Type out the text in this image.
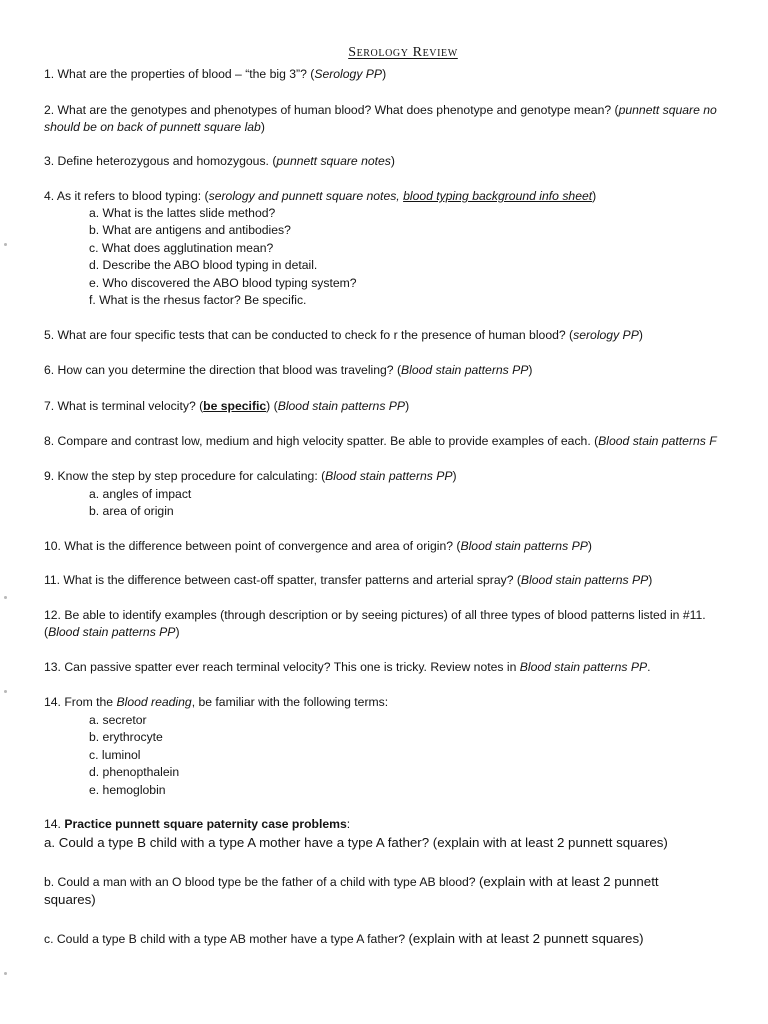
Serology Review
1. What are the properties of blood – “the big 3”? (Serology PP)
2. What are the genotypes and phenotypes of human blood? What does phenotype and genotype mean? (punnett square no
should be on back of punnett square lab)
3. Define heterozygous and homozygous. (punnett square notes)
4. As it refers to blood typing: (serology and punnett square notes, blood typing background info sheet)
a. What is the lattes slide method?
b. What are antigens and antibodies?
c. What does agglutination mean?
d. Describe the ABO blood typing in detail.
e. Who discovered the ABO blood typing system?
f. What is the rhesus factor? Be specific.
5. What are four specific tests that can be conducted to check fo r the presence of human blood? (serology PP)
6. How can you determine the direction that blood was traveling? (Blood stain patterns PP)
7. What is terminal velocity? (be specific) (Blood stain patterns PP)
8. Compare and contrast low, medium and high velocity spatter. Be able to provide examples of each. (Blood stain patterns F
9. Know the step by step procedure for calculating: (Blood stain patterns PP)
a. angles of impact
b. area of origin
10. What is the difference between point of convergence and area of origin? (Blood stain patterns PP)
11. What is the difference between cast-off spatter, transfer patterns and arterial spray? (Blood stain patterns PP)
12. Be able to identify examples (through description or by seeing pictures) of all three types of blood patterns listed in #11.
(Blood stain patterns PP)
13. Can passive spatter ever reach terminal velocity? This one is tricky. Review notes in Blood stain patterns PP.
14. From the Blood reading, be familiar with the following terms:
a. secretor
b. erythrocyte
c. luminol
d. phenopthalein
e. hemoglobin
14. Practice punnett square paternity case problems:
a. Could a type B child with a type A mother have a type A father? (explain with at least 2 punnett squares)
b. Could a man with an O blood type be the father of a child with type AB blood? (explain with at least 2 punnett
squares)
c. Could a type B child with a type AB mother have a type A father? (explain with at least 2 punnett squares)
